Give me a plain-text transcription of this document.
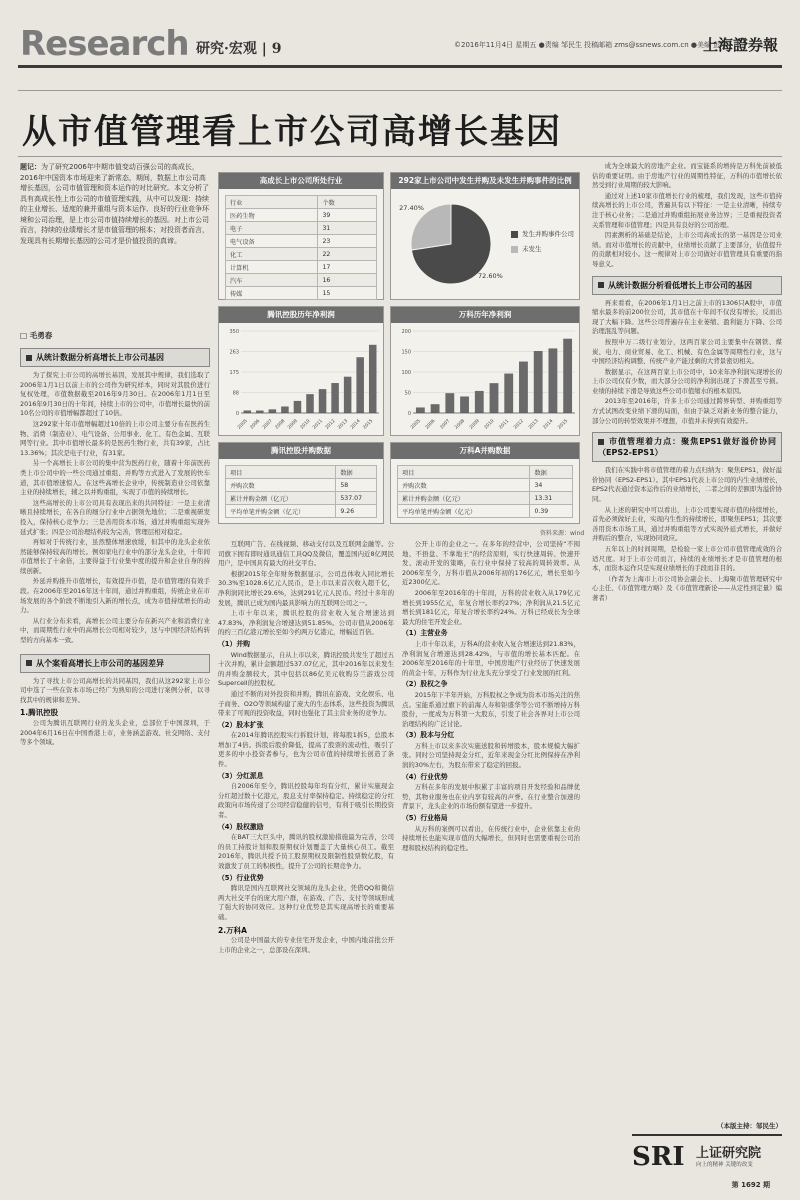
Research 研究·宏观 | 9	©2016年11月4日 星期五 ●责编 邹民生 投稿邮箱 zms@ssnews.com.cn ●美编 彭玮
上海證券報
从市值管理看上市公司高增长基因
题记：为了研究2006年中期市值变动百强公司的高成长，2016年中国资本市场迎来了新常态，期间，数据上市公司高增长基因，公司市值管理和资本运作的对比研究。本文分析了具有高成长性上市公司的市值管理实践，从中可以发现：持续的主业增长、适度的兼并重组与资本运作、良好的行业竞争环境和公司治理，是上市公司市值持续增长的基因。对上市公司而言，持续的业绩增长才是市值管理的根本；对投资者而言，发现具有长期增长基因的公司才是价值投资的真谛。
□ 毛勇春
从统计数据分析高增长上市公司基因

为了探究上市公司的高增长基因，发展其中规律，我们选取了2006年1月1日以前上市的公司作为研究样本，同时对其股价进行复权处理，市值数据截至2016年9月30日。在2006年1月1日至2016年9月30日的十年间，持续上市的公司中，市值增长最快的前10名公司的市值增幅都超过了10倍。

这292家十年市值增幅超过10倍的上市公司主要分布在医药生物、消费（制造业）、电气设备、公用事业、化工、有色金属、互联网等行业。其中市值增长最多的是医药生物行业，共有39家，占比13.36%；其次是电子行业，有31家。

另一个高增长上市公司的集中营为医药行业，随着十年前医药类上市公司中的一些公司通过重组、并购等方式进入了发展的快车道，其市值增速惊人。在这些高增长企业中，传统制造业公司依靠主业的持续增长，辅之以并购重组，实现了市值的持续增长。

这些高增长的上市公司具有表现出来的共同特征：一是主业清晰且持续增长，在各自的细分行业中占据领先地位；二是重视研发投入，保持核心竞争力；三是善用资本市场，通过并购重组实现外延式扩张；四是公司治理结构较为完善，管理层相对稳定。

再如对于传统行业，虽然整体增速放缓，但其中的龙头企业依然能够保持较高的增长。例如家电行业中的部分龙头企业，十年间市值增长了十余倍，主要得益于行业集中度的提升和企业自身的持续创新。

外延并购推升市值增长，有效提升市值，是市值管理的有效手段。在2006年至2016年这十年间，通过并购重组，传统企业在市场发展的各个阶段不断地引入新的增长点，成为市值持续增长的动力。

从行业分布来看，高增长公司主要分布在新兴产业和消费行业中，而周期性行业中的高增长公司相对较少，这与中国经济结构转型的方向基本一致。

从个案看高增长上市公司的基因差异

为了寻找上市公司高增长的共同基因，我们从这292家上市公司中选了一些在资本市场已经广为熟知的公司进行案例分析，以寻找其中的规律和差异。

1.腾讯控股

公司为腾讯互联网行业的龙头企业，总部位于中国深圳，于2004年6月16日在中国香港上市，业务涵盖游戏、社交网络、支付等多个领域。

高成长上市公司所处行业
行业	个数
医药生物	39
电子	31
电气设备	23
化工	22
计算机	17
汽车	16
传媒	15
292家上市公司中发生并购及未发生并购事件的比例
72.60%
27.40%
发生并购事件公司
未发生
腾讯控股历年净利润
0
88
175
263
350
2005 2006 2007 2008 2009 2010 2011 2012 2013 2014 2015
万科历年净利润
0
50
100
150
200
2005 2006 2007 2008 2009 2010 2011 2012 2013 2014 2015
腾讯控股并购数据
项目	数据
并购次数	58
累计并购金额（亿元）	537.07
平均单笔并购金额（亿元）	9.26
万科A并购数据
项目	数据
并购次数	34
累计并购金额（亿元）	13.31
平均单笔并购金额（亿元）	0.39
资料来源：wind

互联网广告、在线视频、移动支付以及互联网金融等。公司旗下拥有即时通讯通信工具QQ及微信，覆盖国内近8亿网民用户，是中国具有最大的社交平台。

根据2015年全年财务数据显示，公司总体收入同比增长30.3%至1028.6亿元人民币，是上市以来首次收入超千亿，净利润同比增长29.6%，达到291亿元人民币。经过十多年的发展，腾讯已成为国内最具影响力的互联网公司之一。

上市十年以来，腾讯控股的营业收入复合增速达到47.83%，净利润复合增速达到51.85%。公司市值从2006年的约三百亿港元增长至如今约两万亿港元，增幅近百倍。

（1）并购

Wind数据显示，自从上市以来，腾讯控股共发生了超过五十次并购，累计金额超过537.07亿元，其中2016年以来发生的并购金额较大，其中包括以86亿美元收购芬兰游戏公司Supercell的控股权。

通过不断的对外投资和并购，腾讯在游戏、文化娱乐、电子商务、O2O等领域构建了庞大的生态体系，这些投资为腾讯带来了可观的投资收益，同时也强化了其主营业务的竞争力。

（2）股本扩张

在2014年腾讯控股实行拆股计划，将每股1拆5，总股本增加了4倍。拆股后股价降低，提高了股票的流动性，吸引了更多的中小投资者参与，也为公司市值的持续增长创造了条件。

（3）分红派息

自2006年至今，腾讯控股每年均有分红，累计实施现金分红超过数十亿港元，股息支付率保持稳定。持续稳定的分红政策向市场传递了公司经营稳健的信号，有利于吸引长期投资者。

（4）股权激励

在BAT三大巨头中，腾讯的股权激励措施最为完善，公司的员工持股计划和股票期权计划覆盖了大量核心员工。截至2016年，腾讯共授予员工股票期权及限制性股票数亿股，有效激发了员工的积极性，提升了公司的长期竞争力。

（5）行业优势

腾讯是国内互联网社交领域的龙头企业，凭借QQ和微信两大社交平台的庞大用户群，在游戏、广告、支付等领域形成了强大的协同效应。这种行业优势是其实现高增长的重要基础。

2.万科A

公司是中国最大的专业住宅开发企业，中国内地首批公开上市的企业之一，总部设在深圳。

公开上市的企业之一。在多年的经营中，公司坚持“不囤地、不捂盘、不拿地王”的经营原则，实行快速周转、快速开发、滚动开发的策略，在行业中保持了较高的周转效率。从2006年至今，万科市值从2006年初的176亿元，增长至如今近2300亿元。

2006年至2016年的十年间，万科的营业收入从179亿元增长到1955亿元，年复合增长率约27%；净利润从21.5亿元增长到181亿元，年复合增长率约24%。万科已经成长为全球最大的住宅开发企业。

（1）主营业务

上市十年以来，万科A的营业收入复合增速达到21.83%，净利润复合增速达到28.42%，与市值的增长基本匹配。在2006年至2016年的十年里，中国房地产行业经历了快速发展的黄金十年，万科作为行业龙头充分享受了行业发展的红利。

（2）股权之争

2015年下半年开始，万科股权之争成为资本市场关注的焦点。宝能系通过旗下的前海人寿和钜盛华等公司不断增持万科股份，一度成为万科第一大股东，引发了社会各界对上市公司治理结构的广泛讨论。

（3）股本与分红

万科上市以来多次实施送股和转增股本，股本规模大幅扩张。同时公司坚持现金分红，近年来现金分红比例保持在净利润的30%左右，为股东带来了稳定的回报。

（4）行业优势

万科在多年的发展中积累了丰富的项目开发经验和品牌优势，其物业服务也在业内享有较高的声誉。在行业整合加速的背景下，龙头企业的市场份额有望进一步提升。

（5）行业格局

从万科的案例可以看出，在传统行业中，企业依靠主业的持续增长也能实现市值的大幅增长，但同时也需要重视公司治理和股权结构的稳定性。

成为全球最大的房地产企业。而宝能系的增持是万科先前被低估的重要证明。由于房地产行业的周期性特征，万科的市值增长依然受到行业周期的较大影响。

通过对上述10家市值增长行业的梳理，我们发现，这些市值持续高增长的上市公司，普遍具有以下特征：一是主业清晰，持续专注于核心业务；二是通过并购重组拓展业务边界；三是重视投资者关系管理和市值管理；四是具有良好的公司治理。

因素测析的基础是结论，上市公司高成长的第一基因是公司业绩。而对市值增长的贡献中，业绩增长贡献了主要部分，估值提升的贡献相对较小。这一规律对上市公司做好市值管理具有重要的指导意义。

从统计数据分析看低增长上市公司的基因

再来看看，在2006年1月1日之前上市的1306只A股中，市值缩水最多的前200位公司，其市值在十年间不仅没有增长，反而出现了大幅下降。这些公司普遍存在主业萎缩、盈利能力下降、公司治理混乱等问题。

按照申万二级行业划分，这两百家公司主要集中在钢铁、煤炭、电力、商业贸易、化工、机械、有色金属等周期性行业，这与中国经济结构调整、传统产业产能过剩的大背景密切相关。

数据显示，在这两百家上市公司中，10来年净利润实现增长的上市公司仅有少数，而大部分公司的净利润出现了下滑甚至亏损。业绩的持续下滑是导致这些公司市值缩水的根本原因。

2013年至2016年，许多上市公司通过跨界转型、并购重组等方式试图改变业绩下滑的局面，但由于缺乏对新业务的整合能力，部分公司的转型效果并不理想，市值并未得到有效提升。

市值管理着力点：聚焦EPS1做好溢价协同（EPS2-EPS1）

我们在实践中将市值管理的着力点归纳为：聚焦EPS1，做好溢价协同（EPS2-EPS1）。其中EPS1代表上市公司的内生业绩增长，EPS2代表通过资本运作后的业绩增长，二者之间的差额即为溢价协同。

从上述的研究中可以看出，上市公司要实现市值的持续增长，首先必须做好主业，实现内生性的持续增长，即聚焦EPS1；其次要善用资本市场工具，通过并购重组等方式实现外延式增长，并做好并购后的整合，实现协同效应。

五年以上的时间周期，是检验一家上市公司市值管理成效的合适尺度。对于上市公司而言，持续的业绩增长才是市值管理的根本，而资本运作只是实现业绩增长的手段而非目的。

（作者为上海市上市公司协会副会长、上海聚市值管理研究中心主任、《市值管理方略》及《市值管理新论——从定性到定量》编著者）

（本版主持：邹民生）
SRI 上证研究院
向上的精神 关键的改变
第 1692 期
